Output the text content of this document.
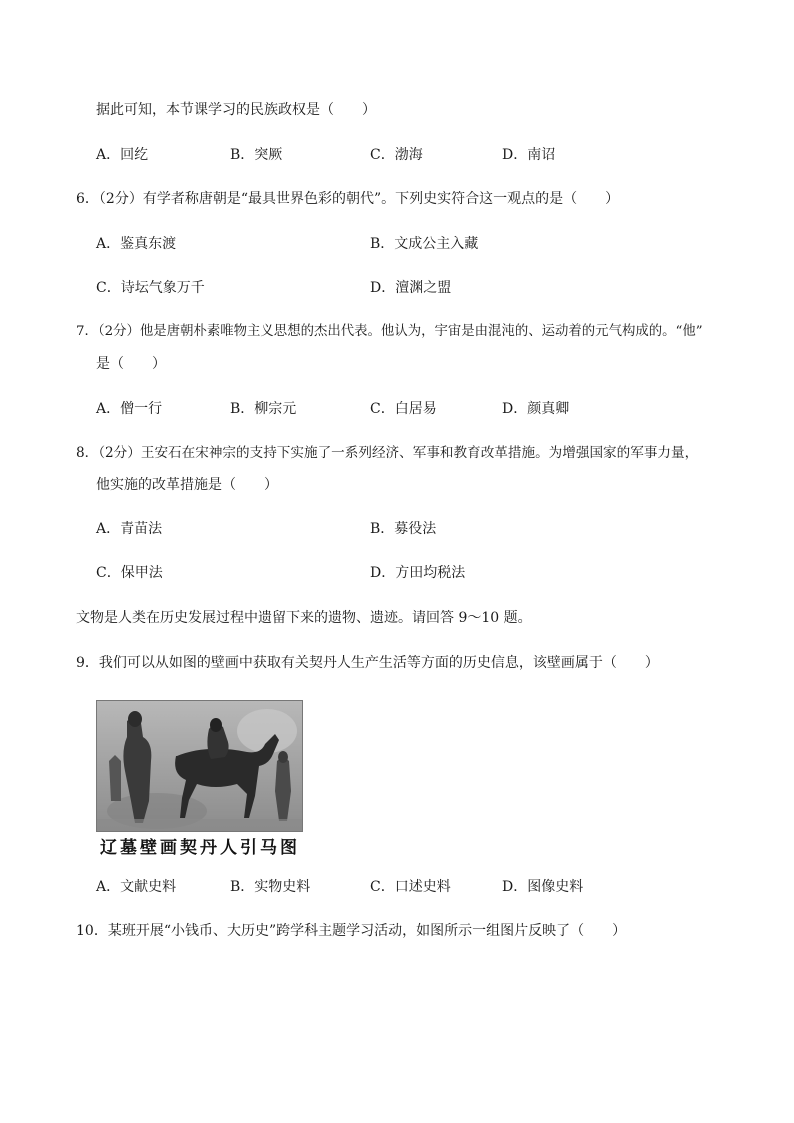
据此可知，本节课学习的民族政权是（　　）
A．回纥	B．突厥	C．渤海	D．南诏
6．（2分）有学者称唐朝是“最具世界色彩的朝代”。下列史实符合这一观点的是（　　）
A．鉴真东渡	B．文成公主入藏
C．诗坛气象万千	D．澶渊之盟
7．（2分）他是唐朝朴素唯物主义思想的杰出代表。他认为，宇宙是由混沌的、运动着的元气构成的。“他”
是（　　）
A．僧一行	B．柳宗元	C．白居易	D．颜真卿
8．（2分）王安石在宋神宗的支持下实施了一系列经济、军事和教育改革措施。为增强国家的军事力量，
他实施的改革措施是（　　）
A．青苗法	B．募役法
C．保甲法	D．方田均税法
文物是人类在历史发展过程中遗留下来的遗物、遗迹。请回答 9～10 题。
9．我们可以从如图的壁画中获取有关契丹人生产生活等方面的历史信息，该壁画属于（　　）
辽墓壁画契丹人引马图
A．文献史料	B．实物史料	C．口述史料	D．图像史料
10．某班开展“小钱币、大历史”跨学科主题学习活动，如图所示一组图片反映了（　　）
